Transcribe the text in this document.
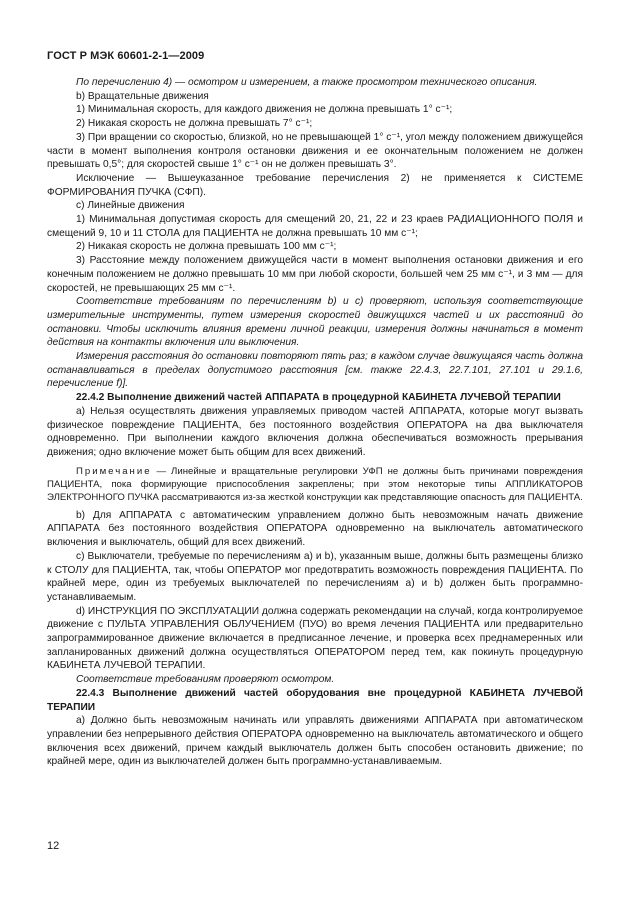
ГОСТ Р МЭК 60601-2-1—2009

По перечислению 4) — осмотром и измерением, а также просмотром технического описания.

b) Вращательные движения

1) Минимальная скорость, для каждого движения не должна превышать 1° с⁻¹;

2) Никакая скорость не должна превышать 7° с⁻¹;

3) При вращении со скоростью, близкой, но не превышающей 1° с⁻¹, угол между положением движущейся части в момент выполнения контроля остановки движения и ее окончательным положением не должен превышать 0,5°; для скоростей свыше 1° с⁻¹ он не должен превышать 3°.

Исключение — Вышеуказанное требование перечисления 2) не применяется к СИСТЕМЕ ФОРМИРОВАНИЯ ПУЧКА (СФП).

c) Линейные движения

1) Минимальная допустимая скорость для смещений 20, 21, 22 и 23 краев РАДИАЦИОННОГО ПОЛЯ и смещений 9, 10 и 11 СТОЛА для ПАЦИЕНТА не должна превышать 10 мм с⁻¹;

2) Никакая скорость не должна превышать 100 мм с⁻¹;

3) Расстояние между положением движущейся части в момент выполнения остановки движения и его конечным положением не должно превышать 10 мм при любой скорости, большей чем 25 мм с⁻¹, и 3 мм — для скоростей, не превышающих 25 мм с⁻¹.

Соответствие требованиям по перечислениям b) и c) проверяют, используя соответствующие измерительные инструменты, путем измерения скоростей движущихся частей и их расстояний до остановки. Чтобы исключить влияния времени личной реакции, измерения должны начинаться в момент действия на контакты включения или выключения.

Измерения расстояния до остановки повторяют пять раз; в каждом случае движущаяся часть должна останавливаться в пределах допустимого расстояния [см. также 22.4.3, 22.7.101, 27.101 и 29.1.6, перечисление f)].

22.4.2 Выполнение движений частей АППАРАТА в процедурной КАБИНЕТА ЛУЧЕВОЙ ТЕРАПИИ

a) Нельзя осуществлять движения управляемых приводом частей АППАРАТА, которые могут вызвать физическое повреждение ПАЦИЕНТА, без постоянного воздействия ОПЕРАТОРА на два выключателя одновременно. При выполнении каждого включения должна обеспечиваться возможность прерывания движения; одно включение может быть общим для всех движений.

Примечание — Линейные и вращательные регулировки УФП не должны быть причинами повреждения ПАЦИЕНТА, пока формирующие приспособления закреплены; при этом некоторые типы АППЛИКАТОРОВ ЭЛЕКТРОННОГО ПУЧКА рассматриваются из-за жесткой конструкции как представляющие опасность для ПАЦИЕНТА.

b) Для АППАРАТА с автоматическим управлением должно быть невозможным начать движение АППАРАТА без постоянного воздействия ОПЕРАТОРА одновременно на выключатель автоматического включения и выключатель, общий для всех движений.

c) Выключатели, требуемые по перечислениям a) и b), указанным выше, должны быть размещены близко к СТОЛУ для ПАЦИЕНТА, так, чтобы ОПЕРАТОР мог предотвратить возможность повреждения ПАЦИЕНТА. По крайней мере, один из требуемых выключателей по перечислениям a) и b) должен быть программно-устанавливаемым.

d) ИНСТРУКЦИЯ ПО ЭКСПЛУАТАЦИИ должна содержать рекомендации на случай, когда контролируемое движение с ПУЛЬТА УПРАВЛЕНИЯ ОБЛУЧЕНИЕМ (ПУО) во время лечения ПАЦИЕНТА или предварительно запрограммированное движение включается в предписанное лечение, и проверка всех преднамеренных или запланированных движений должна осуществляться ОПЕРАТОРОМ перед тем, как покинуть процедурную КАБИНЕТА ЛУЧЕВОЙ ТЕРАПИИ.

Соответствие требованиям проверяют осмотром.

22.4.3 Выполнение движений частей оборудования вне процедурной КАБИНЕТА ЛУЧЕВОЙ ТЕРАПИИ

a) Должно быть невозможным начинать или управлять движениями АППАРАТА при автоматическом управлении без непрерывного действия ОПЕРАТОРА одновременно на выключатель автоматического и общего включения всех движений, причем каждый выключатель должен быть способен остановить движение; по крайней мере, один из выключателей должен быть программно-устанавливаемым.

12
